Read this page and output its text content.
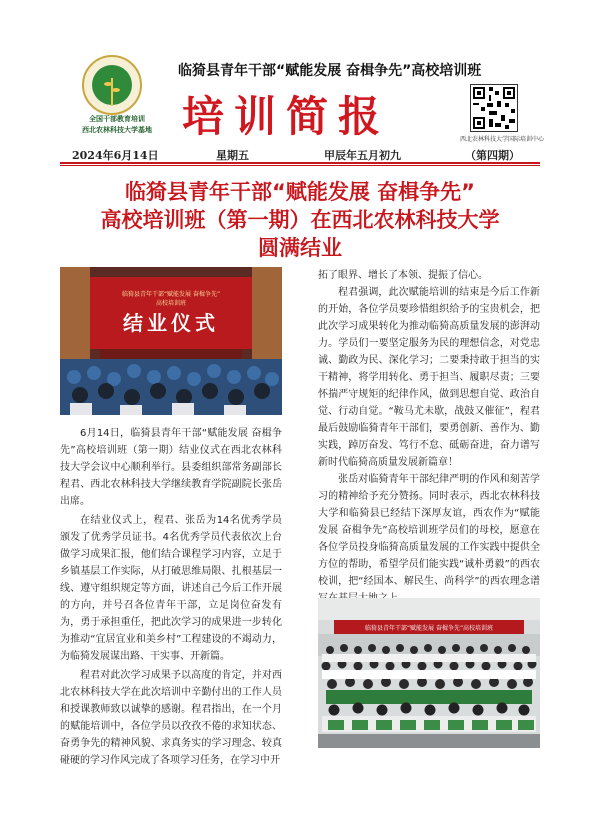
全国干部教育培训
西北农林科技大学基地
临猗县青年干部“赋能发展 奋楫争先”高校培训班
培训简报	西北农林科技大学国际培训中心
2024年6月14日	星期五	甲辰年五月初九	（第四期）
临猗县青年干部“赋能发展 奋楫争先”
高校培训班（第一期）在西北农林科技大学
圆满结业
临猗县青年干部“赋能发展 奋楫争先”
高校培训班
结业仪式

6月14日，临猗县青年干部“赋能发展 奋楫争先”高校培训班（第一期）结业仪式在西北农林科技大学会议中心顺利举行。县委组织部常务副部长程君、西北农林科技大学继续教育学院副院长张岳出席。

在结业仪式上，程君、张岳为14名优秀学员颁发了优秀学员证书。4名优秀学员代表依次上台做学习成果汇报，他们结合课程学习内容，立足于乡镇基层工作实际，从打破思维局限、扎根基层一线、遵守组织规定等方面，讲述自己今后工作开展的方向，并号召各位青年干部，立足岗位奋发有为，勇于承担重任，把此次学习的成果进一步转化为推动“宜居宜业和美乡村”工程建设的不竭动力，为临猗发展谋出路、干实事、开新篇。

程君对此次学习成果予以高度的肯定，并对西北农林科技大学在此次培训中辛勤付出的工作人员和授课教师致以诚挚的感谢。程君指出，在一个月的赋能培训中，各位学员以孜孜不倦的求知状态、奋勇争先的精神风貌、求真务实的学习理念、较真碰硬的学习作风完成了各项学习任务，在学习中开

拓了眼界、增长了本领、提振了信心。

程君强调，此次赋能培训的结束是今后工作新的开始，各位学员要珍惜组织给予的宝贵机会，把此次学习成果转化为推动临猗高质量发展的澎湃动力。学员们一要坚定服务为民的理想信念，对党忠诚、勤政为民、深化学习；二要秉持敢于担当的实干精神，将学用转化、勇于担当、履职尽责；三要怀揣严守规矩的纪律作风，做到思想自觉、政治自觉、行动自觉。“鞍马尤未歇，战鼓又催征”，程君最后鼓励临猗青年干部们，要勇创新、善作为、勤实践，踔厉奋发、笃行不怠、砥砺奋进，奋力谱写新时代临猗高质量发展新篇章！

张岳对临猗青年干部纪律严明的作风和刻苦学习的精神给予充分赞扬。同时表示，西北农林科技大学和临猗县已经结下深厚友谊，西农作为“赋能发展 奋楫争先”高校培训班学员们的母校，愿意在各位学员投身临猗高质量发展的工作实践中提供全方位的帮助，希望学员们能实践“诚朴勇毅”的西农校训，把“经国本、解民生、尚科学”的西农理念谱

临猗县青年干部“赋能发展 奋楫争先”高校培训班
